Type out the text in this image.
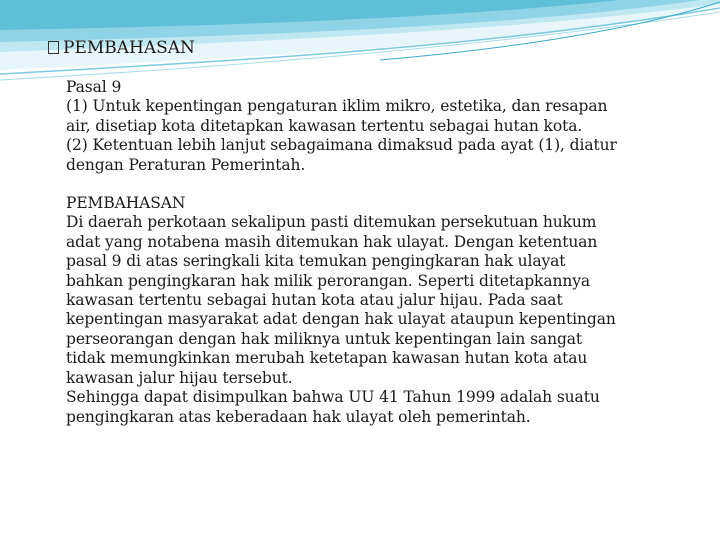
PEMBAHASAN
Pasal 9
(1) Untuk kepentingan pengaturan iklim mikro, estetika, dan resapan
air, disetiap kota ditetapkan kawasan tertentu sebagai hutan kota.
(2) Ketentuan lebih lanjut sebagaimana dimaksud pada ayat (1), diatur
dengan Peraturan Pemerintah.
PEMBAHASAN
Di daerah perkotaan sekalipun pasti ditemukan persekutuan hukum
adat yang notabena masih ditemukan hak ulayat. Dengan ketentuan
pasal 9 di atas seringkali kita temukan pengingkaran hak ulayat
bahkan pengingkaran hak milik perorangan. Seperti ditetapkannya
kawasan tertentu sebagai hutan kota atau jalur hijau. Pada saat
kepentingan masyarakat adat dengan hak ulayat ataupun kepentingan
perseorangan dengan hak miliknya untuk kepentingan lain sangat
tidak memungkinkan merubah ketetapan kawasan hutan kota atau
kawasan jalur hijau tersebut.
Sehingga dapat disimpulkan bahwa UU 41 Tahun 1999 adalah suatu
pengingkaran atas keberadaan hak ulayat oleh pemerintah.
